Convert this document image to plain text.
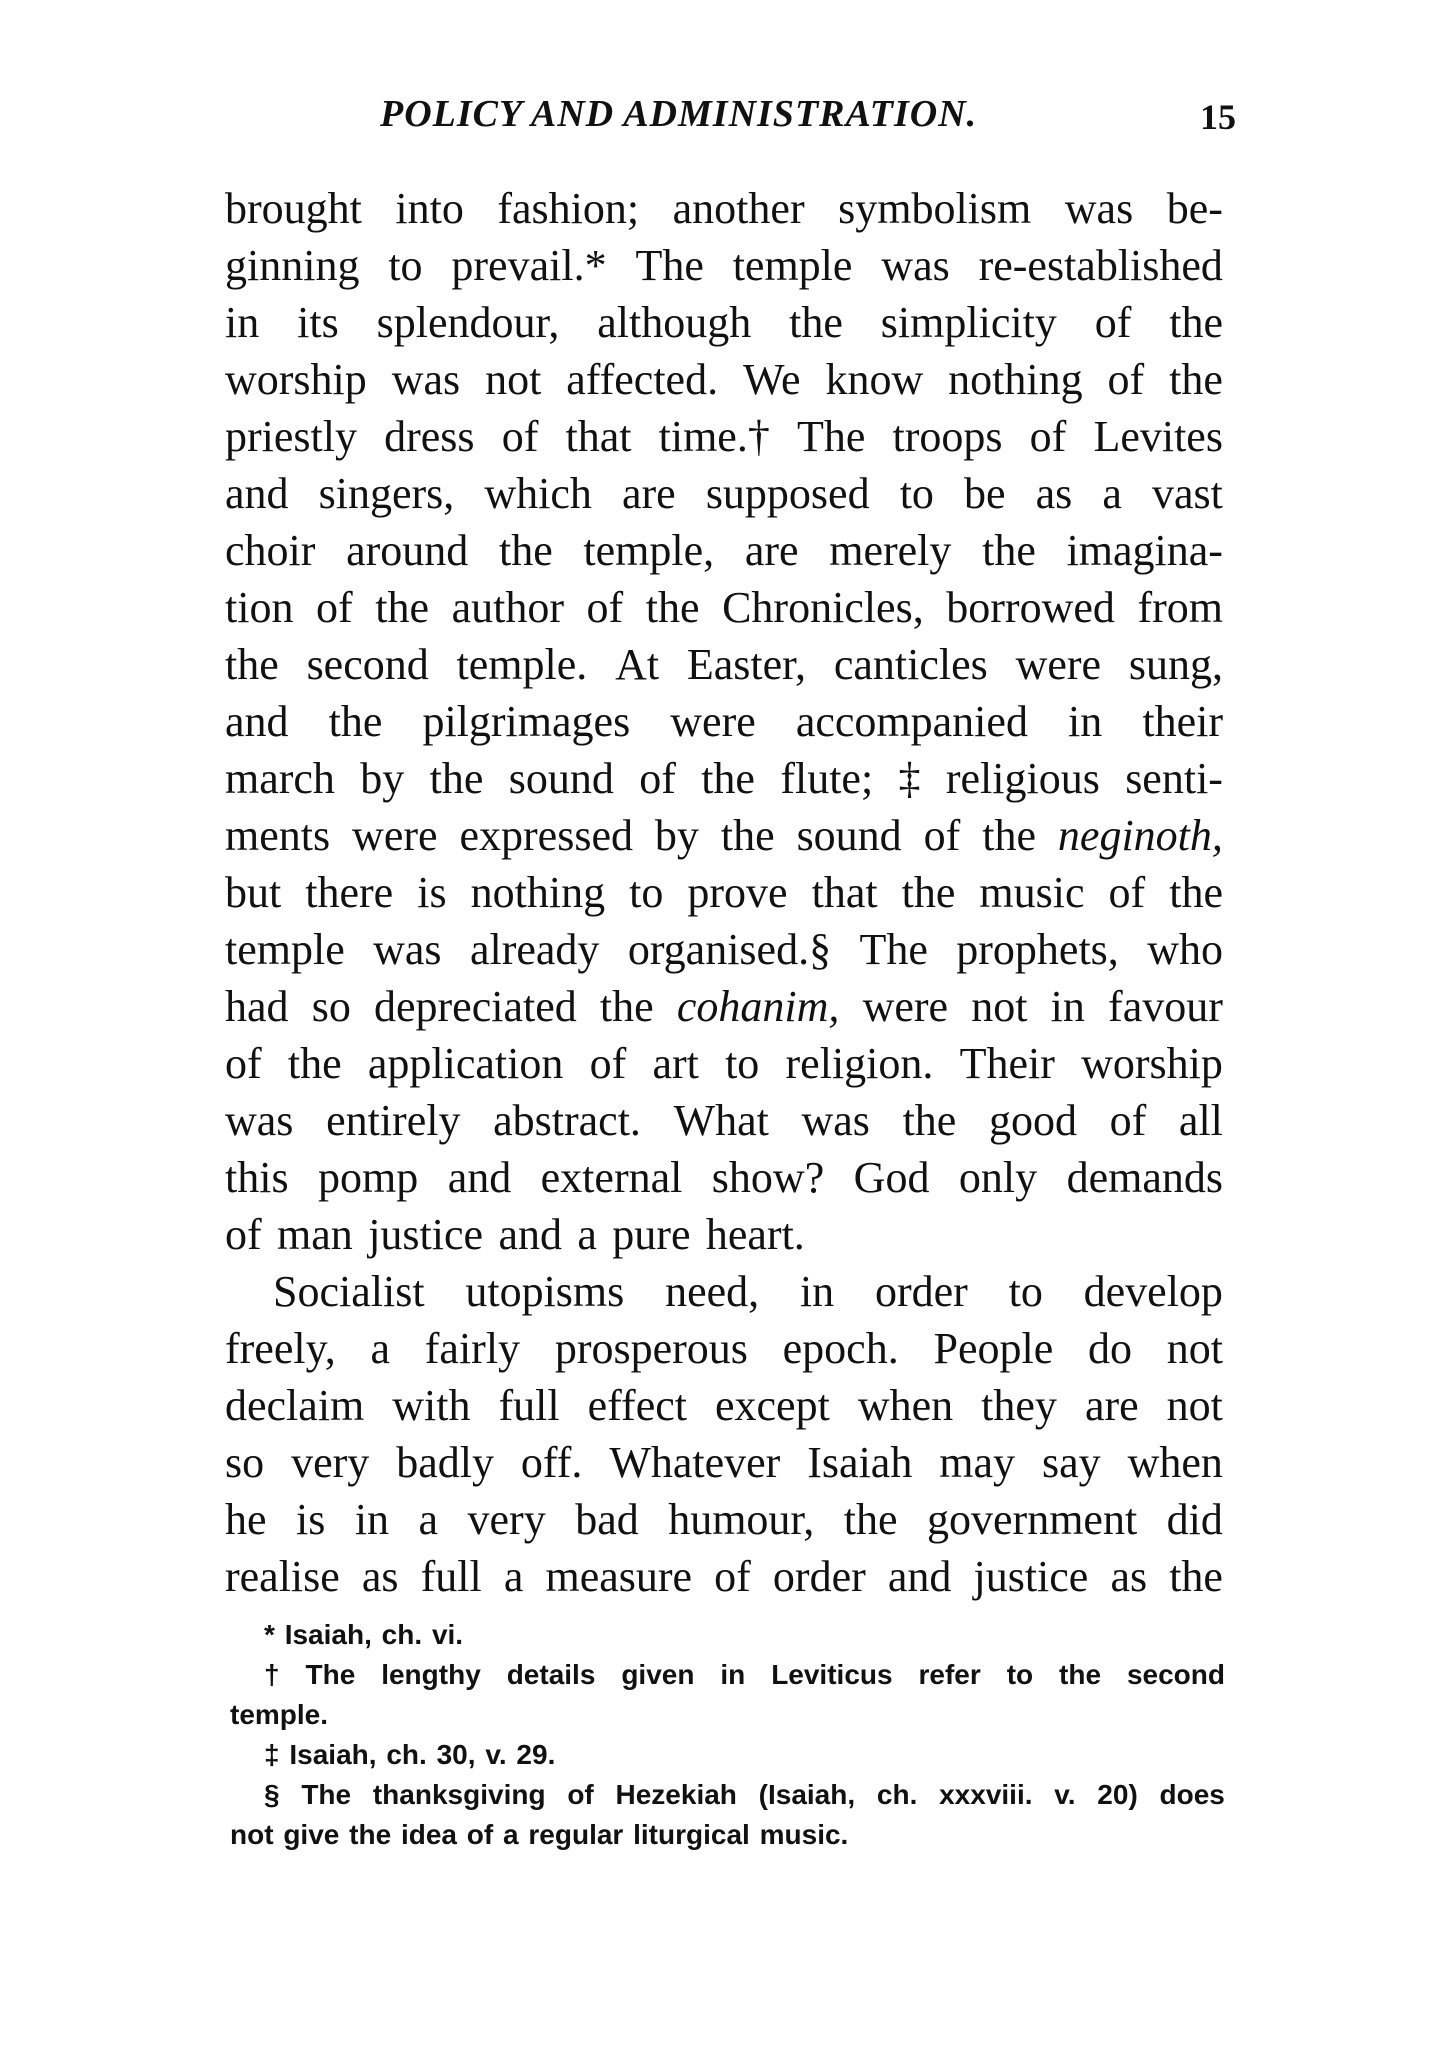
POLICY AND ADMINISTRATION.	15
brought into fashion; another symbolism was be-
ginning to prevail.* The temple was re-established
in its splendour, although the simplicity of the
worship was not affected. We know nothing of the
priestly dress of that time.† The troops of Levites
and singers, which are supposed to be as a vast
choir around the temple, are merely the imagina-
tion of the author of the Chronicles, borrowed from
the second temple. At Easter, canticles were sung,
and the pilgrimages were accompanied in their
march by the sound of the flute; ‡ religious senti-
ments were expressed by the sound of the neginoth,
but there is nothing to prove that the music of the
temple was already organised.§ The prophets, who
had so depreciated the cohanim, were not in favour
of the application of art to religion. Their worship
was entirely abstract. What was the good of all
this pomp and external show? God only demands
of man justice and a pure heart.
Socialist utopisms need, in order to develop
freely, a fairly prosperous epoch. People do not
declaim with full effect except when they are not
so very badly off. Whatever Isaiah may say when
he is in a very bad humour, the government did
realise as full a measure of order and justice as the
* Isaiah, ch. vi.
† The lengthy details given in Leviticus refer to the second
temple.
‡ Isaiah, ch. 30, v. 29.
§ The thanksgiving of Hezekiah (Isaiah, ch. xxxviii. v. 20) does
not give the idea of a regular liturgical music.
